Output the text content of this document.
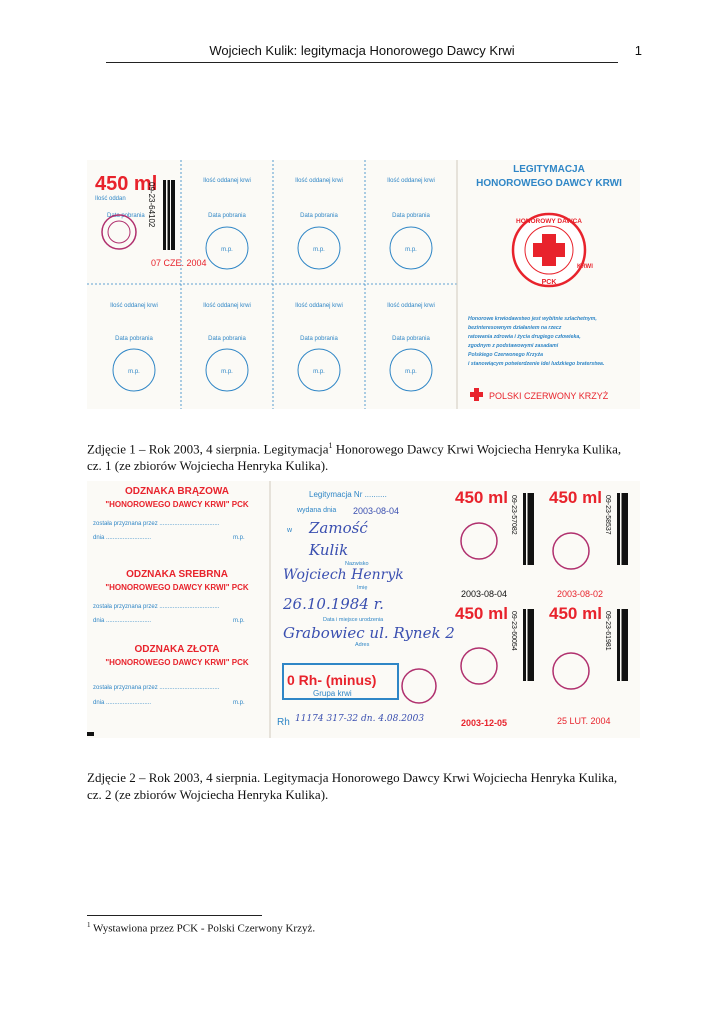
Wojciech Kulik: legitymacja Honorowego Dawcy Krwi	1
450 ml
Ilość oddan
Data pobrania
07 CZE. 2004
09-23-64102
Ilość oddanej krwi
Data pobrania
m.p.
Ilość oddanej krwi
Data pobrania
m.p.
Ilość oddanej krwi
Data pobrania
m.p.
Ilość oddanej krwi
Data pobrania
m.p.
Ilość oddanej krwi
Data pobrania
m.p.
Ilość oddanej krwi
Data pobrania
m.p.
Ilość oddanej krwi
Data pobrania
m.p.
LEGITYMACJA
HONOROWEGO DAWCY KRWI
HONOROWY DAWCA
KRWI
PCK
Honorowe krwiodawstwo jest wybitnie szlachetnym,
bezinteresownym działaniem na rzecz
ratowania zdrowia i życia drugiego człowieka,
zgodnym z podstawowymi zasadami
Polskiego Czerwonego Krzyża
i stanowiącym potwierdzenie idei ludzkiego braterstwa.
POLSKI CZERWONY KRZYŻ
Zdjęcie 1 – Rok 2003, 4 sierpnia. Legitymacja$^1$ Honorowego Dawcy Krwi Wojciecha Henryka Kulika,
cz. 1 (ze zbiorów Wojciecha Henryka Kulika).
ODZNAKA BRĄZOWA
"HONOROWEGO DAWCY KRWI" PCK
została przyznana przez ....................................
dnia ...........................	m.p.
ODZNAKA SREBRNA
"HONOROWEGO DAWCY KRWI" PCK
została przyznana przez ....................................
dnia ...........................	m.p.
ODZNAKA ZŁOTA
"HONOROWEGO DAWCY KRWI" PCK
została przyznana przez ....................................
dnia ...........................	m.p.
Legitymacja Nr ..........
wydana dnia 2003-08-04
w Zamość
Kulik
Nazwisko
Wojciech Henryk
Imię
26.10.1984 r.
Data i miejsce urodzenia
Grabowiec ul. Rynek 2
Adres
0 Rh- (minus)
Grupa krwi
Rh 11174 317-32 dn. 4.08.2003
450 ml 09-23-57082
2003-08-04
450 ml 09-23-58537
2003-08-02
450 ml 09-23-60054
2003-12-05
450 ml 09-23-61981
25 LUT. 2004
Zdjęcie 2 – Rok 2003, 4 sierpnia. Legitymacja Honorowego Dawcy Krwi Wojciecha Henryka Kulika,
cz. 2 (ze zbiorów Wojciecha Henryka Kulika).
$^1$ Wystawiona przez PCK - Polski Czerwony Krzyż.
